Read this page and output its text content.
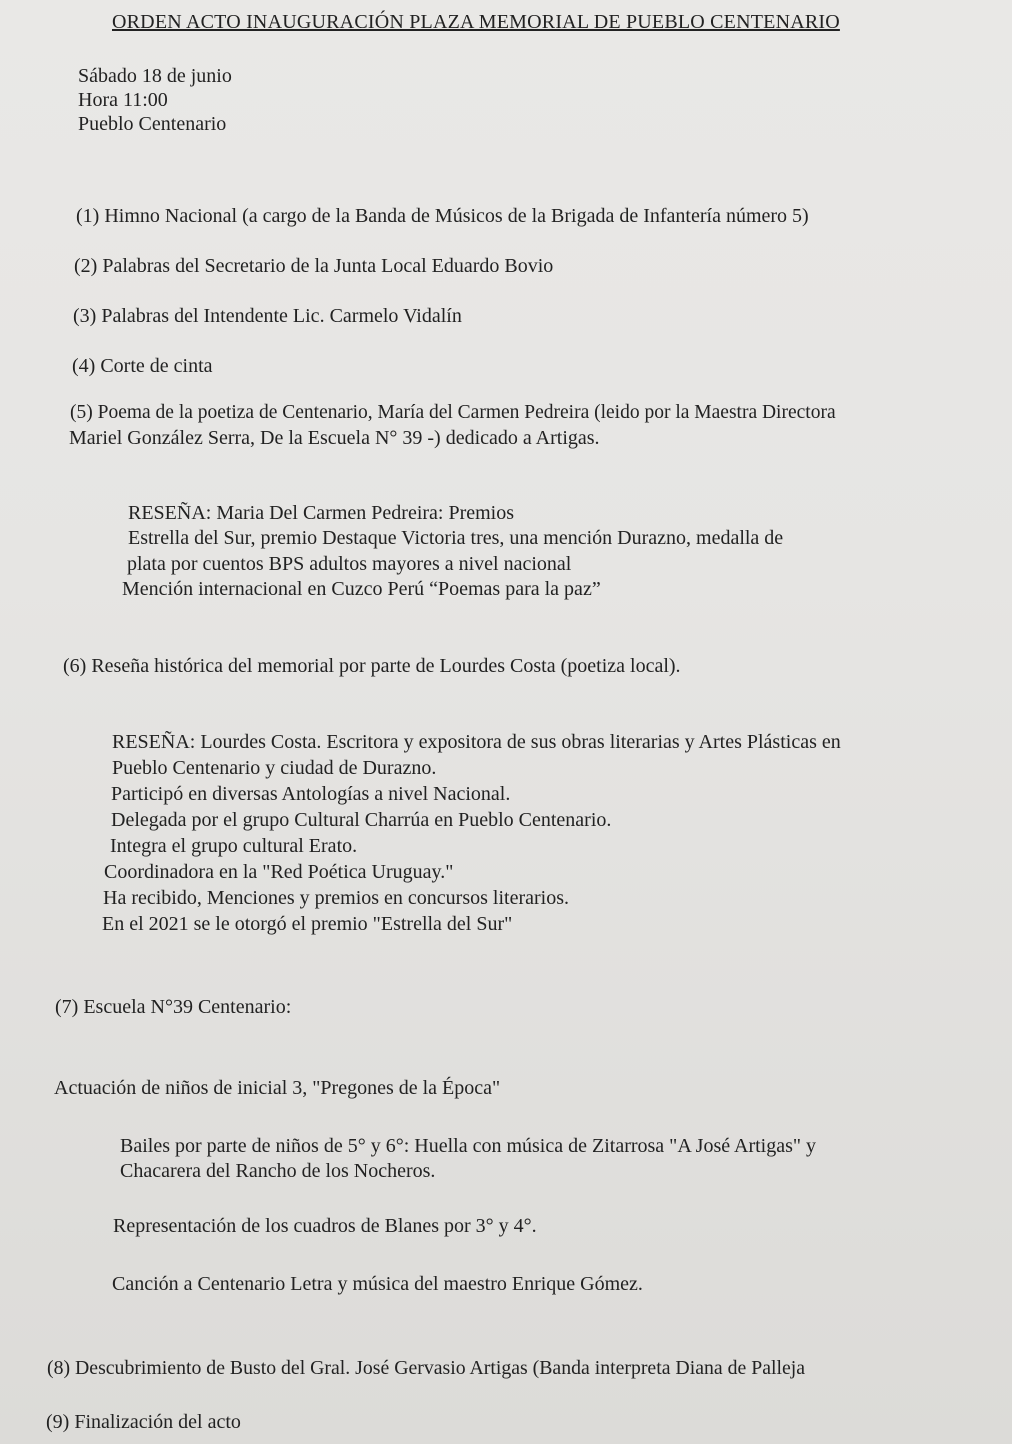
ORDEN ACTO INAUGURACIÓN PLAZA MEMORIAL DE PUEBLO CENTENARIO
Sábado 18 de junio
Hora 11:00
Pueblo Centenario
(1) Himno Nacional (a cargo de la Banda de Músicos de la Brigada de Infantería número 5)
(2) Palabras del Secretario de la Junta Local Eduardo Bovio
(3) Palabras del Intendente Lic. Carmelo Vidalín
(4) Corte de cinta
(5) Poema de la poetiza de Centenario, María del Carmen Pedreira (leido por la Maestra Directora
Mariel González Serra, De la Escuela N° 39 -) dedicado a Artigas.
RESEÑA: Maria Del Carmen Pedreira: Premios
Estrella del Sur, premio Destaque Victoria tres, una mención Durazno, medalla de
plata por cuentos BPS adultos mayores a nivel nacional
Mención internacional en Cuzco Perú “Poemas para la paz”
(6) Reseña histórica del memorial por parte de Lourdes Costa (poetiza local).
RESEÑA: Lourdes Costa. Escritora y expositora de sus obras literarias y Artes Plásticas en
Pueblo Centenario y ciudad de Durazno.
Participó en diversas Antologías a nivel Nacional.
Delegada por el grupo Cultural Charrúa en Pueblo Centenario.
Integra el grupo cultural Erato.
Coordinadora en la "Red Poética Uruguay."
Ha recibido, Menciones y premios en concursos literarios.
En el 2021 se le otorgó el premio "Estrella del Sur"
(7) Escuela N°39 Centenario:
Actuación de niños de inicial 3, "Pregones de la Época"
Bailes por parte de niños de 5° y 6°: Huella con música de Zitarrosa "A José Artigas" y
Chacarera del Rancho de los Nocheros.
Representación de los cuadros de Blanes por 3° y 4°.
Canción a Centenario Letra y música del maestro Enrique Gómez.
(8) Descubrimiento de Busto del Gral. José Gervasio Artigas (Banda interpreta Diana de Palleja
(9) Finalización del acto
